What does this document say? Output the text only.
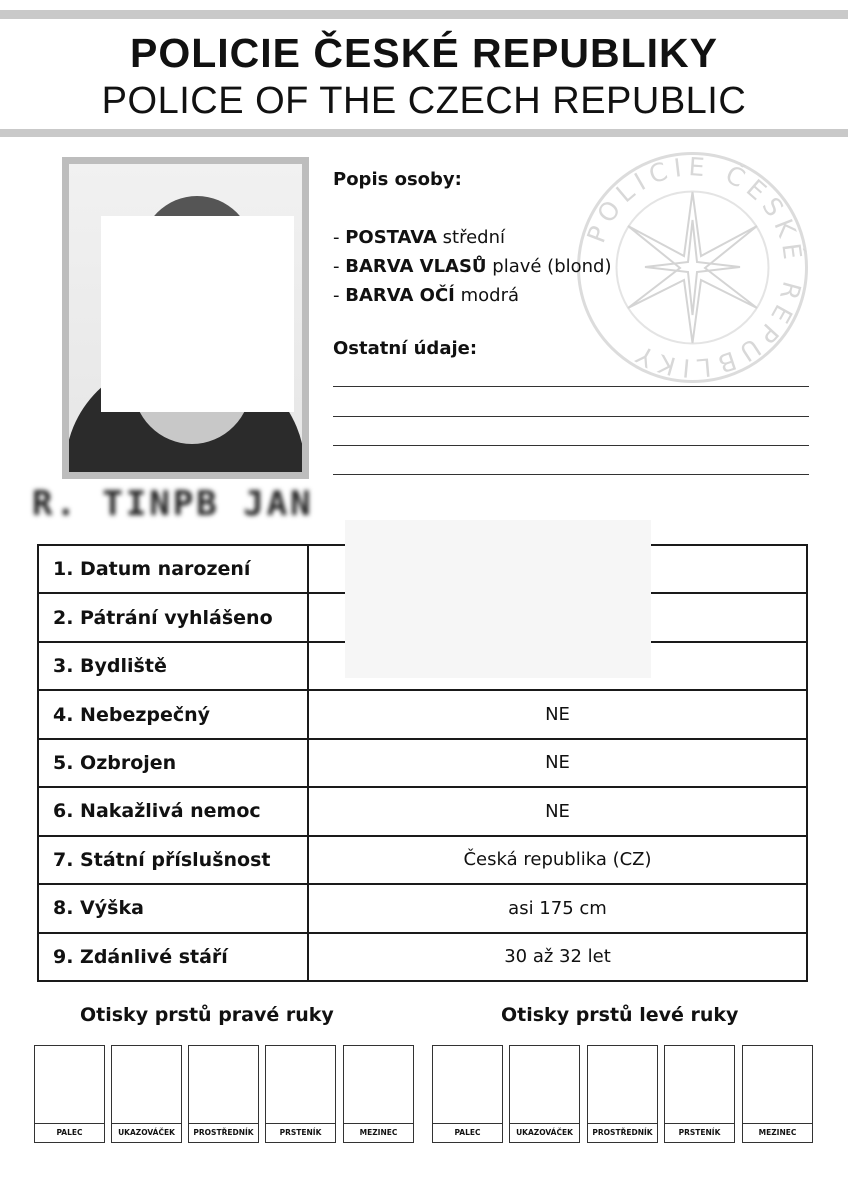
POLICIE ČESKÉ REPUBLIKY
POLICE OF THE CZECH REPUBLIC
POLICIE ČESKÉ REPUBLIKY
Popis osoby:
- POSTAVA střední
- BARVA VLASŮ plavé (blond)
- BARVA OČÍ modrá
Ostatní údaje:
R. TINPB JAN
1. Datum narození	
2. Pátrání vyhlášeno	
3. Bydliště	
4. Nebezpečný	NE
5. Ozbrojen	NE
6. Nakažlivá nemoc	NE
7. Státní příslušnost	Česká republika (CZ)
8. Výška	asi 175 cm
9. Zdánlivé stáří	30 až 32 let
Otisky prstů pravé ruky	Otisky prstů levé ruky
PALEC	UKAZOVÁČEK	PROSTŘEDNÍK	PRSTENÍK	MEZINEC	PALEC	UKAZOVÁČEK	PROSTŘEDNÍK	PRSTENÍK	MEZINEC
